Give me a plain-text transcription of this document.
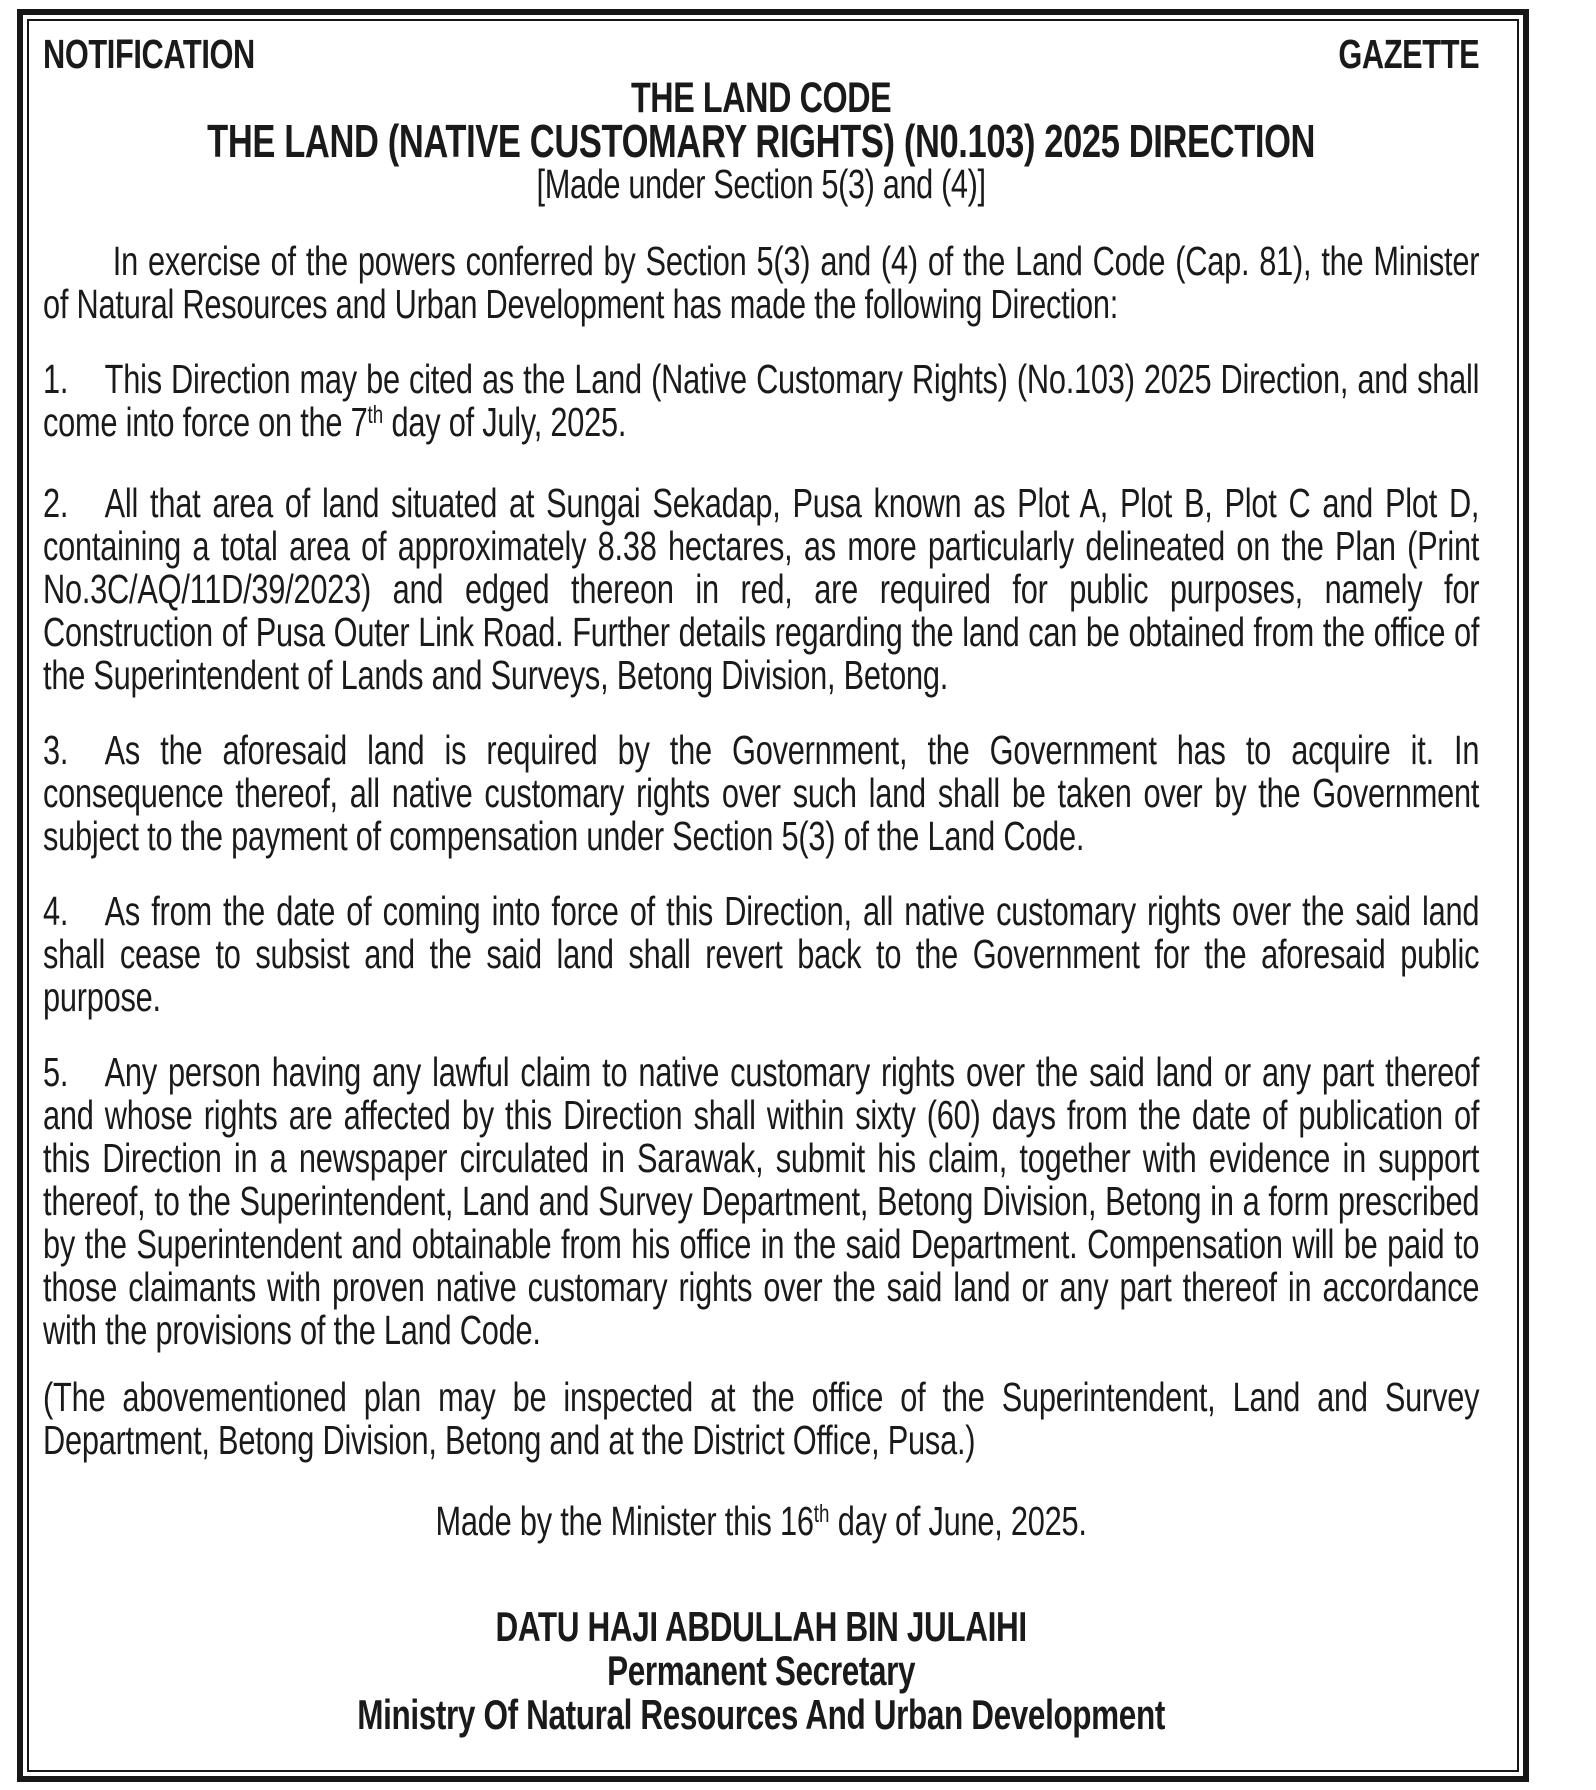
NOTIFICATION	GAZETTE
THE LAND CODE
THE LAND (NATIVE CUSTOMARY RIGHTS) (N0.103) 2025 DIRECTION
[Made under Section 5(3) and (4)]
In exercise of the powers conferred by Section 5(3) and (4) of the Land Code (Cap. 81), the Minister of Natural Resources and Urban Development has made the following Direction:
1.  This Direction may be cited as the Land (Native Customary Rights) (No.103) 2025 Direction, and shall come into force on the 7th day of July, 2025.
2.  All that area of land situated at Sungai Sekadap, Pusa known as Plot A, Plot B, Plot C and Plot D, containing a total area of approximately 8.38 hectares, as more particularly delineated on the Plan (Print No.3C/AQ/11D/39/2023) and edged thereon in red, are required for public purposes, namely for Construction of Pusa Outer Link Road. Further details regarding the land can be obtained from the office of the Superintendent of Lands and Surveys, Betong Division, Betong.
3.  As the aforesaid land is required by the Government, the Government has to acquire it. In consequence thereof, all native customary rights over such land shall be taken over by the Government subject to the payment of compensation under Section 5(3) of the Land Code.
4.  As from the date of coming into force of this Direction, all native customary rights over the said land shall cease to subsist and the said land shall revert back to the Government for the aforesaid public purpose.
5.  Any person having any lawful claim to native customary rights over the said land or any part thereof and whose rights are affected by this Direction shall within sixty (60) days from the date of publication of this Direction in a newspaper circulated in Sarawak, submit his claim, together with evidence in support thereof, to the Superintendent, Land and Survey Department, Betong Division, Betong in a form prescribed by the Superintendent and obtainable from his office in the said Department. Compensation will be paid to those claimants with proven native customary rights over the said land or any part thereof in accordance with the provisions of the Land Code.
(The abovementioned plan may be inspected at the office of the Superintendent, Land and Survey Department, Betong Division, Betong and at the District Office, Pusa.)
Made by the Minister this 16th day of June, 2025.
DATU HAJI ABDULLAH BIN JULAIHI
Permanent Secretary
Ministry Of Natural Resources And Urban Development
